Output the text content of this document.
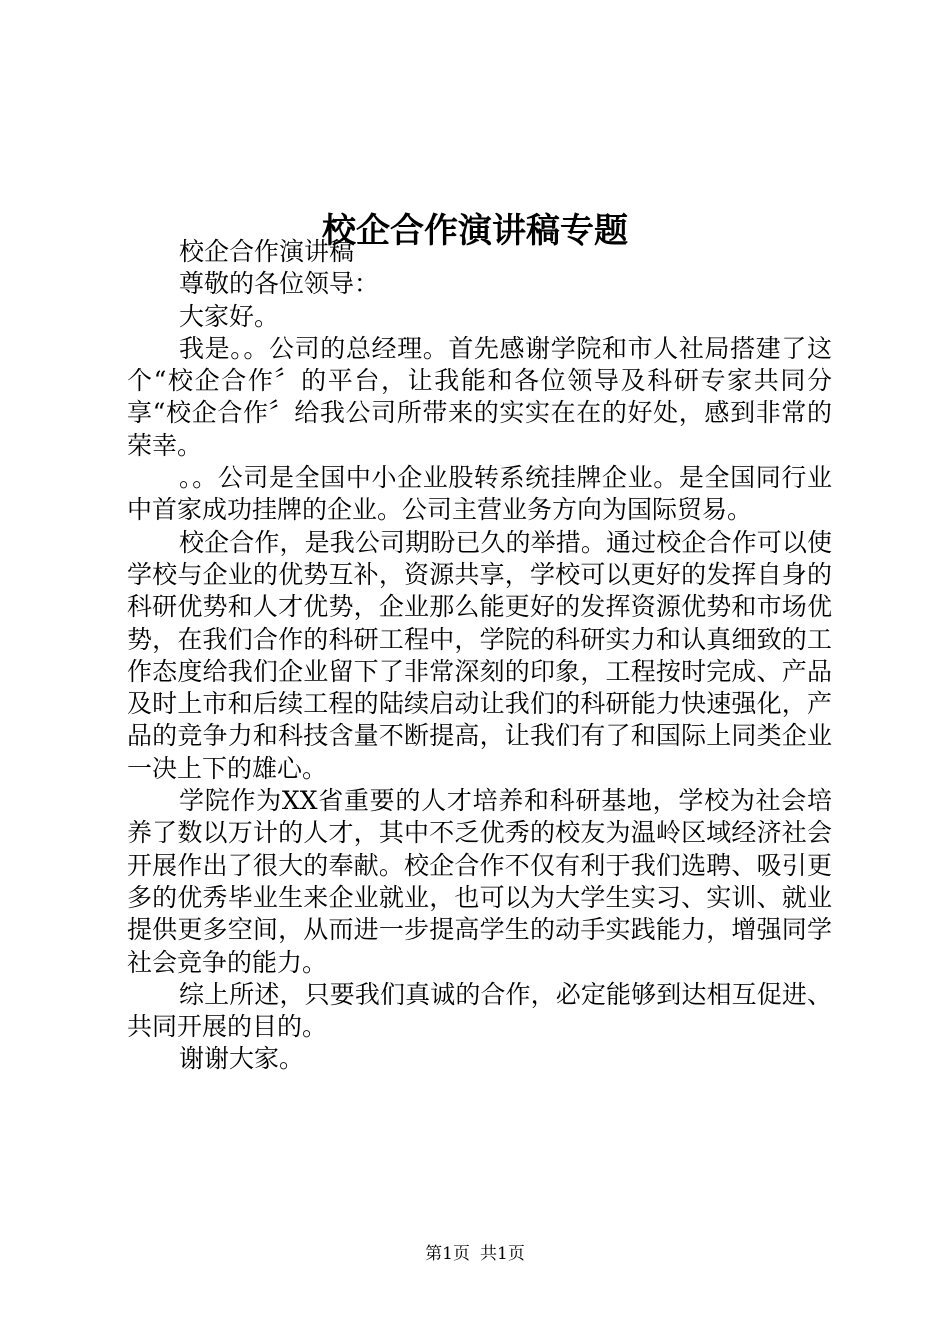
校企合作演讲稿专题

校企合作演讲稿

尊敬的各位领导：

大家好。

我是。。公司的总经理。首先感谢学院和市人社局搭建了这个“校企合作〞的平台，让我能和各位领导及科研专家共同分享“校企合作〞给我公司所带来的实实在在的好处，感到非常的荣幸。

。。公司是全国中小企业股转系统挂牌企业。是全国同行业中首家成功挂牌的企业。公司主营业务方向为国际贸易。

校企合作，是我公司期盼已久的举措。通过校企合作可以使学校与企业的优势互补，资源共享，学校可以更好的发挥自身的科研优势和人才优势，企业那么能更好的发挥资源优势和市场优势，在我们合作的科研工程中，学院的科研实力和认真细致的工作态度给我们企业留下了非常深刻的印象，工程按时完成、产品及时上市和后续工程的陆续启动让我们的科研能力快速强化，产品的竞争力和科技含量不断提高，让我们有了和国际上同类企业一决上下的雄心。

学院作为XX省重要的人才培养和科研基地，学校为社会培养了数以万计的人才，其中不乏优秀的校友为温岭区域经济社会开展作出了很大的奉献。校企合作不仅有利于我们选聘、吸引更多的优秀毕业生来企业就业，也可以为大学生实习、实训、就业提供更多空间，从而进一步提高学生的动手实践能力，增强同学社会竞争的能力。

综上所述，只要我们真诚的合作，必定能够到达相互促进、共同开展的目的。

谢谢大家。

第1页 共1页
